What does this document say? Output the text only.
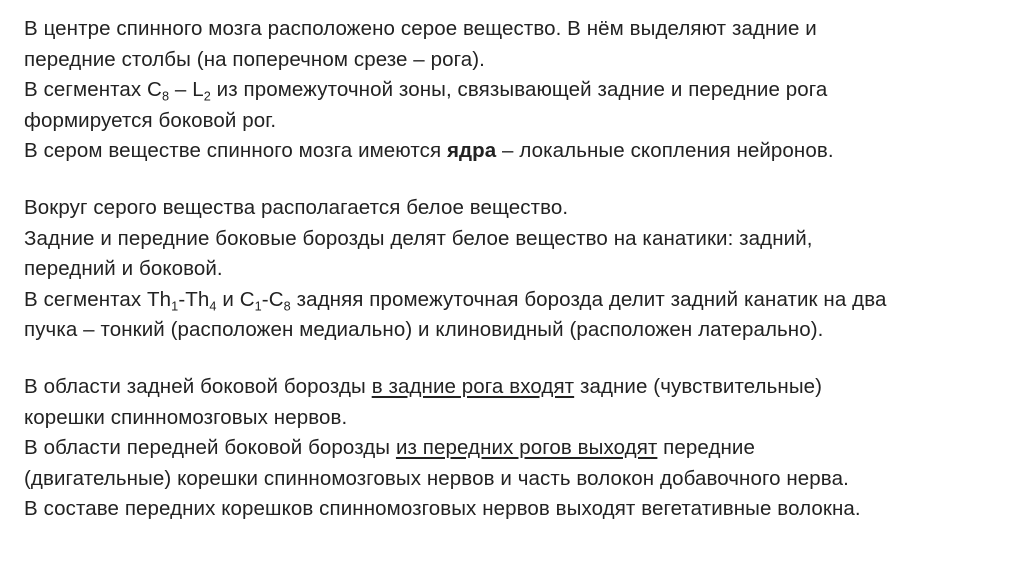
В центре спинного мозга расположено серое вещество. В нём выделяют задние и
передние столбы (на поперечном срезе – рога).
В сегментах $C_8 - L_2$ из промежуточной зоны, связывающей задние и передние рога
формируется боковой рог.
В сером веществе спинного мозга имеются ядра – локальные скопления нейронов.

Вокруг серого вещества располагается белое вещество.
Задние и передние боковые борозды делят белое вещество на канатики: задний,
передний и боковой.
В сегментах $Th_1-Th_4$ и $C_1-C_8$ задняя промежуточная борозда делит задний канатик на два
пучка – тонкий (расположен медиально) и клиновидный (расположен латерально).

В области задней боковой борозды в задние рога входят задние (чувствительные)
корешки спинномозговых нервов.
В области передней боковой борозды из передних рогов выходят передние
(двигательные) корешки спинномозговых нервов и часть волокон добавочного нерва.
В составе передних корешков спинномозговых нервов выходят вегетативные волокна.
